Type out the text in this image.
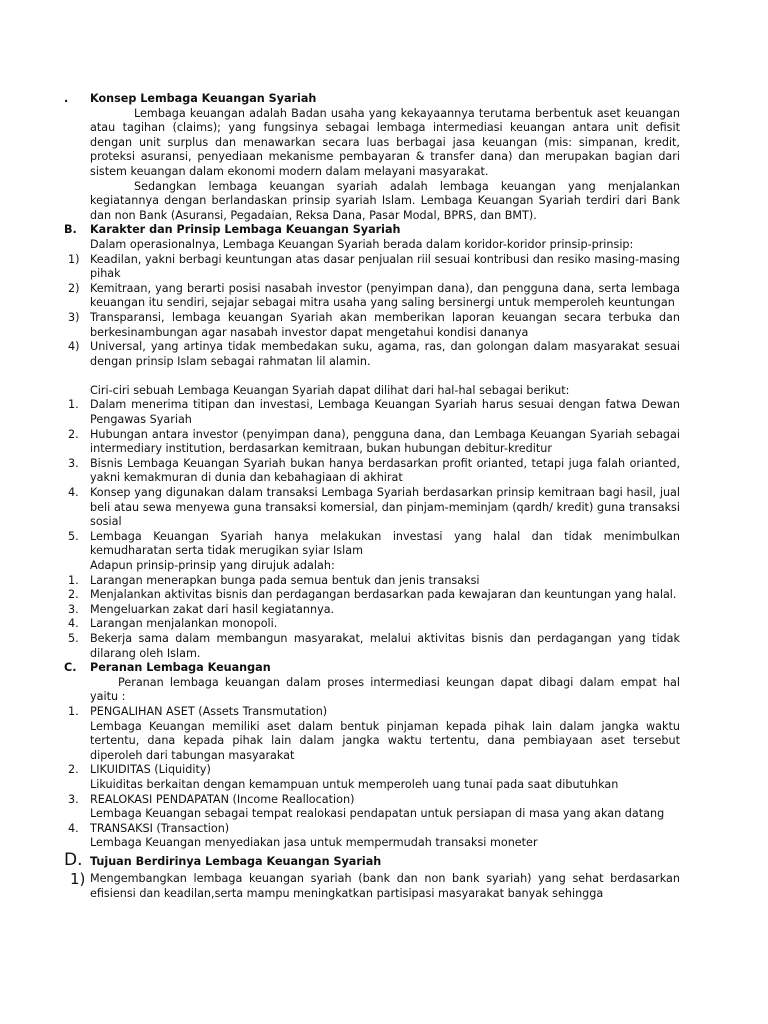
. Konsep Lembaga Keuangan Syariah

Lembaga keuangan adalah Badan usaha yang kekayaannya terutama berbentuk aset keuangan atau tagihan (claims); yang fungsinya sebagai lembaga intermediasi keuangan antara unit defisit dengan unit surplus dan menawarkan secara luas berbagai jasa keuangan (mis: simpanan, kredit, proteksi asuransi, penyediaan mekanisme pembayaran & transfer dana) dan merupakan bagian dari sistem keuangan dalam ekonomi modern dalam melayani masyarakat.

Sedangkan lembaga keuangan syariah adalah lembaga keuangan yang menjalankan kegiatannya dengan berlandaskan prinsip syariah Islam. Lembaga Keuangan Syariah terdiri dari Bank dan non Bank (Asuransi, Pegadaian, Reksa Dana, Pasar Modal, BPRS, dan BMT).

B. Karakter dan Prinsip Lembaga Keuangan Syariah

Dalam operasionalnya, Lembaga Keuangan Syariah berada dalam koridor-koridor prinsip-prinsip:

1) Keadilan, yakni berbagi keuntungan atas dasar penjualan riil sesuai kontribusi dan resiko masing-masing pihak
2) Kemitraan, yang berarti posisi nasabah investor (penyimpan dana), dan pengguna dana, serta lembaga keuangan itu sendiri, sejajar sebagai mitra usaha yang saling bersinergi untuk memperoleh keuntungan
3) Transparansi, lembaga keuangan Syariah akan memberikan laporan keuangan secara terbuka dan berkesinambungan agar nasabah investor dapat mengetahui kondisi dananya
4) Universal, yang artinya tidak membedakan suku, agama, ras, dan golongan dalam masyarakat sesuai dengan prinsip Islam sebagai rahmatan lil alamin.

Ciri-ciri sebuah Lembaga Keuangan Syariah dapat dilihat dari hal-hal sebagai berikut:

1. Dalam menerima titipan dan investasi, Lembaga Keuangan Syariah harus sesuai dengan fatwa Dewan Pengawas Syariah
2. Hubungan antara investor (penyimpan dana), pengguna dana, dan Lembaga Keuangan Syariah sebagai intermediary institution, berdasarkan kemitraan, bukan hubungan debitur-kreditur
3. Bisnis Lembaga Keuangan Syariah bukan hanya berdasarkan profit orianted, tetapi juga falah orianted, yakni kemakmuran di dunia dan kebahagiaan di akhirat
4. Konsep yang digunakan dalam transaksi Lembaga Syariah berdasarkan prinsip kemitraan bagi hasil, jual beli atau sewa menyewa guna transaksi komersial, dan pinjam-meminjam (qardh/ kredit) guna transaksi sosial
5. Lembaga Keuangan Syariah hanya melakukan investasi yang halal dan tidak menimbulkan kemudharatan serta tidak merugikan syiar Islam

Adapun prinsip-prinsip yang dirujuk adalah:

1. Larangan menerapkan bunga pada semua bentuk dan jenis transaksi
2. Menjalankan aktivitas bisnis dan perdagangan berdasarkan pada kewajaran dan keuntungan yang halal.
3. Mengeluarkan zakat dari hasil kegiatannya.
4. Larangan menjalankan monopoli.
5. Bekerja sama dalam membangun masyarakat, melalui aktivitas bisnis dan perdagangan yang tidak dilarang oleh Islam.
C. Peranan Lembaga Keuangan

Peranan lembaga keuangan dalam proses intermediasi keungan dapat dibagi dalam empat hal yaitu :

1. PENGALIHAN ASET (Assets Transmutation)

Lembaga Keuangan memiliki aset dalam bentuk pinjaman kepada pihak lain dalam jangka waktu tertentu, dana kepada pihak lain dalam jangka waktu tertentu, dana pembiayaan aset tersebut diperoleh dari tabungan masyarakat

2. LIKUIDITAS (Liquidity)

Likuiditas berkaitan dengan kemampuan untuk memperoleh uang tunai pada saat dibutuhkan

3. REALOKASI PENDAPATAN (Income Reallocation)

Lembaga Keuangan sebagai tempat realokasi pendapatan untuk persiapan di masa yang akan datang

4. TRANSAKSI (Transaction)

Lembaga Keuangan menyediakan jasa untuk mempermudah transaksi moneter

D. Tujuan Berdirinya Lembaga Keuangan Syariah
1) Mengembangkan lembaga keuangan syariah (bank dan non bank syariah) yang sehat berdasarkan efisiensi dan keadilan,serta mampu meningkatkan partisipasi masyarakat banyak sehingga
